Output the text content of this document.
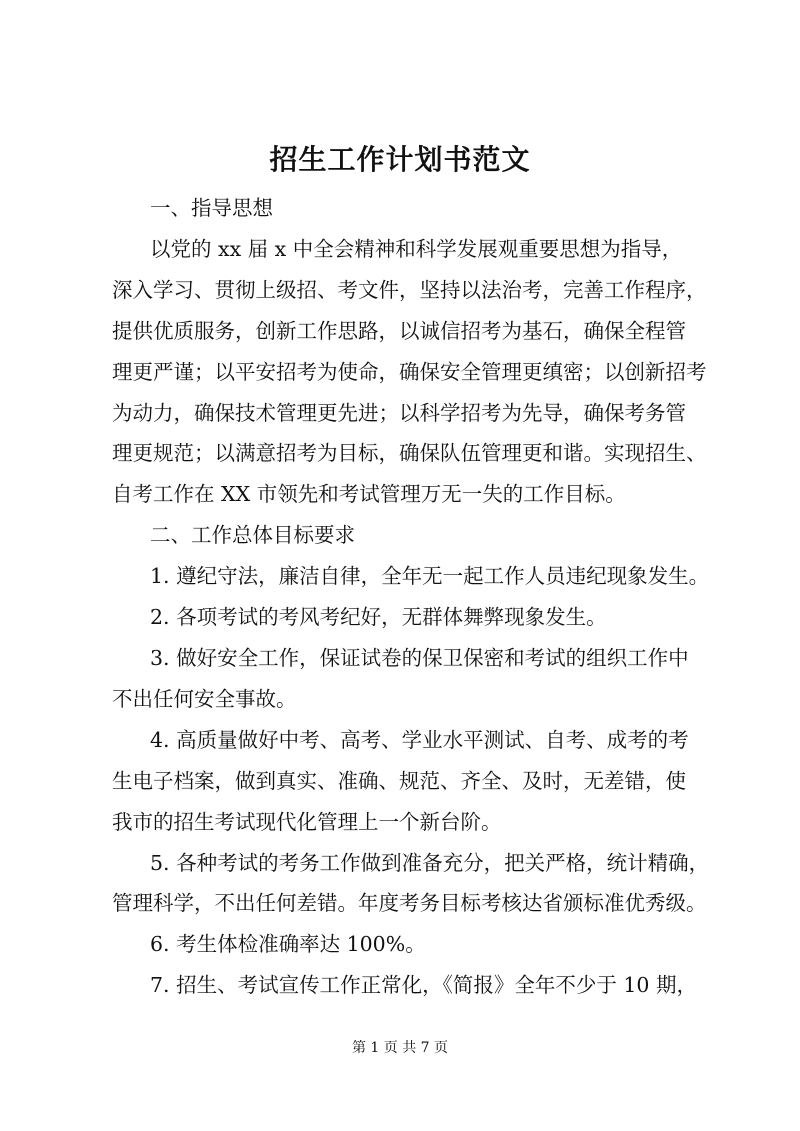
招生工作计划书范文

一、指导思想

以党的 xx 届 x 中全会精神和科学发展观重要思想为指导，

深入学习、贯彻上级招、考文件，坚持以法治考，完善工作程序，

提供优质服务，创新工作思路，以诚信招考为基石，确保全程管

理更严谨；以平安招考为使命，确保安全管理更缜密；以创新招考

为动力，确保技术管理更先进；以科学招考为先导，确保考务管

理更规范；以满意招考为目标，确保队伍管理更和谐。实现招生、

自考工作在 XX 市领先和考试管理万无一失的工作目标。

二、工作总体目标要求

1. 遵纪守法，廉洁自律，全年无一起工作人员违纪现象发生。

2. 各项考试的考风考纪好，无群体舞弊现象发生。

3. 做好安全工作，保证试卷的保卫保密和考试的组织工作中

不出任何安全事故。

4. 高质量做好中考、高考、学业水平测试、自考、成考的考

生电子档案，做到真实、准确、规范、齐全、及时，无差错，使

我市的招生考试现代化管理上一个新台阶。

5. 各种考试的考务工作做到准备充分，把关严格，统计精确，

管理科学，不出任何差错。年度考务目标考核达省颁标准优秀级。

6. 考生体检准确率达 100%。

7. 招生、考试宣传工作正常化，《简报》全年不少于 10 期，

第 1 页 共 7 页
